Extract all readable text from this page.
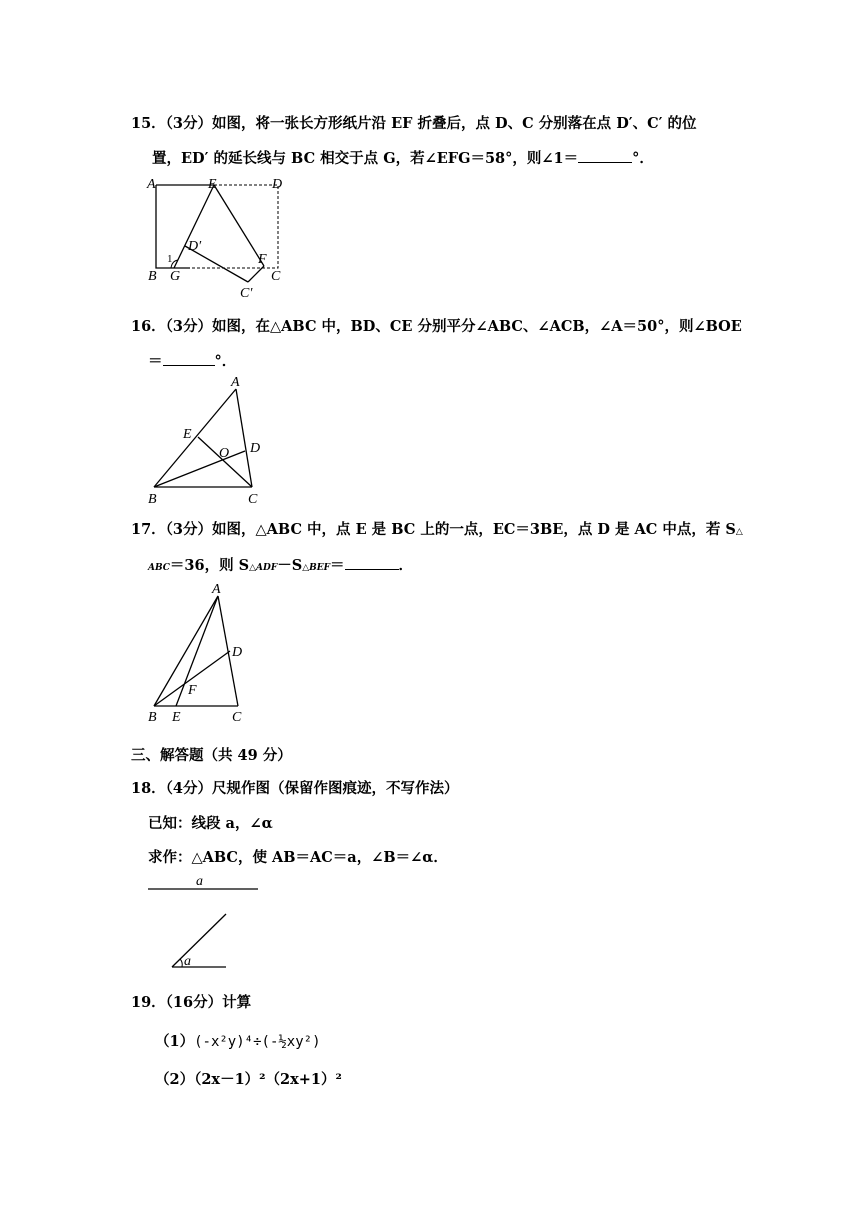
15．（3分）如图，将一张长方形纸片沿 EF 折叠后，点 D、C 分别落在点 D′、C′ 的位
置，ED′ 的延长线与 BC 相交于点 G，若∠EFG＝58°，则∠1＝	°．
A	E	D
D′
1
B G
F
C
C′
16．（3分）如图，在△ABC 中，BD、CE 分别平分∠ABC、∠ACB，∠A＝50°，则∠BOE
＝	°．
A
E
O D
B	C
17．（3分）如图，△ABC 中，点 E 是 BC 上的一点，EC＝3BE，点 D 是 AC 中点，若 S△
ABC＝36，则 S△ADF－S△BEF＝	．
A
D
F
B E	C
三、解答题（共 49 分）
18．（4分）尺规作图（保留作图痕迹，不写作法）
已知：线段 a，∠α
求作：△ABC，使 AB＝AC＝a，∠B＝∠α．
a
a
19．（16分）计算
（1）(-x²y)⁴÷(-½xy²)
（2）（2x－1）²（2x+1）²
